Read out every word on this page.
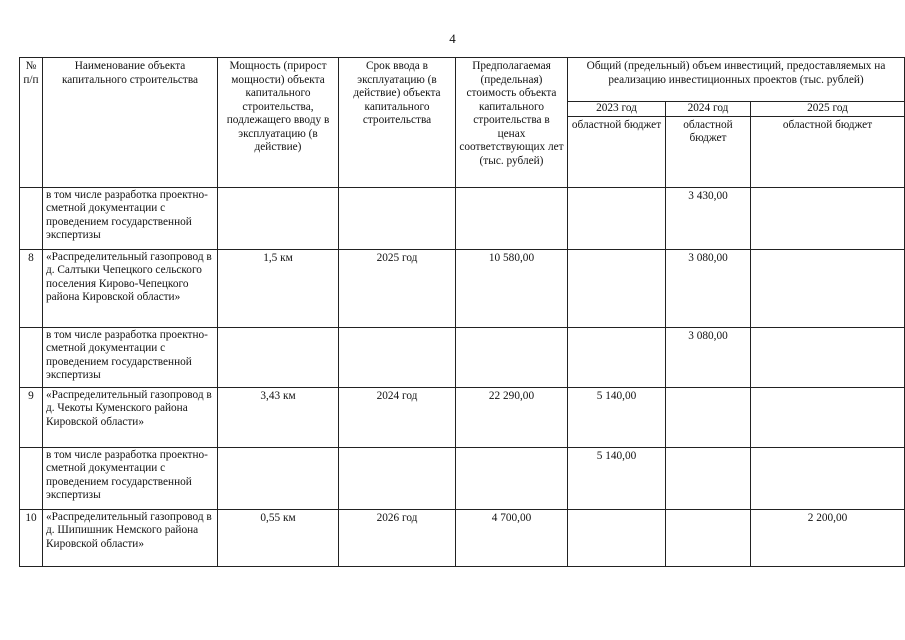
4
№ п/п	Наименование объекта капитального строительства	Мощность (прирост мощности) объекта капитального строительства, подлежащего вводу в эксплуатацию (в действие)	Срок ввода в эксплуатацию (в действие) объекта капитального строительства	Предполагаемая (предельная) стоимость объекта капитального строительства в ценах соответствующих лет (тыс. рублей)	Общий (предельный) объем инвестиций, предоставляемых на реализацию инвестиционных проектов (тыс. рублей)		
					2023 год	2024 год	2025 год
					областной бюджет	областной бюджет	областной бюджет
	в том числе разработка проектно-сметной документации с проведением государственной экспертизы					3 430,00	
8	«Распределительный газопровод в д. Салтыки Чепецкого сельского поселения Кирово-Чепецкого района Кировской области»	1,5 км	2025 год	10 580,00		3 080,00	
	в том числе разработка проектно-сметной документации с проведением государственной экспертизы					3 080,00	
9	«Распределительный газопровод в д. Чекоты Куменского района Кировской области»	3,43 км	2024 год	22 290,00	5 140,00		
	в том числе разработка проектно-сметной документации с проведением государственной экспертизы				5 140,00		
10	«Распределительный газопровод в д. Шипишник Немского района Кировской области»	0,55 км	2026 год	4 700,00			2 200,00
